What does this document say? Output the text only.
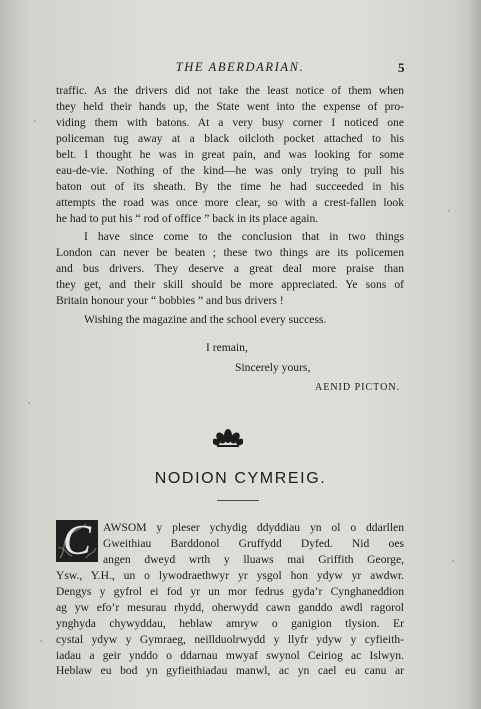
THE ABERDARIAN.	5
traffic. As the drivers did not take the least notice of them when
they held their hands up, the State went into the expense of pro-
viding them with batons. At a very busy corner I noticed one
policeman tug away at a black oilcloth pocket attached to his
belt. I thought he was in great pain, and was looking for some
eau-de-vie. Nothing of the kind—he was only trying to pull his
baton out of its sheath. By the time he had succeeded in his
attempts the road was once more clear, so with a crest-fallen look
he had to put his “ rod of office ” back in its place again.
I have since come to the conclusion that in two things
London can never be beaten ; these two things are its policemen
and bus drivers. They deserve a great deal more praise than
they get, and their skill should be more appreciated. Ye sons of
Britain honour your “ bobbies ” and bus drivers !
Wishing the magazine and the school every success.
I remain,
Sincerely yours,
AENID PICTON.
NODION CYMREIG.
C	AWSOM y pleser ychydig ddyddiau yn ol o ddarllen
Gweithiau Barddonol Gruffydd Dyfed. Nid oes
angen dweyd wrth y lluaws mai Griffith George,
Ysw., Y.H., un o lywodraethwyr yr ysgol hon ydyw yr awdwr.
Dengys y gyfrol ei fod yr un mor fedrus gyda’r Cynghaneddion
ag yw efo’r mesurau rhydd, oherwydd cawn ganddo awdl ragorol
ynghyda chywyddau, heblaw amryw o ganigion tlysion. Er
cystal ydyw y Gymraeg, neillduolrwydd y llyfr ydyw y cyfieith-
iadau a geir ynddo o ddarnau mwyaf swynol Ceiriog ac Islwyn.
Heblaw eu bod yn gyfieithiadau manwl, ac yn cael eu canu ar
